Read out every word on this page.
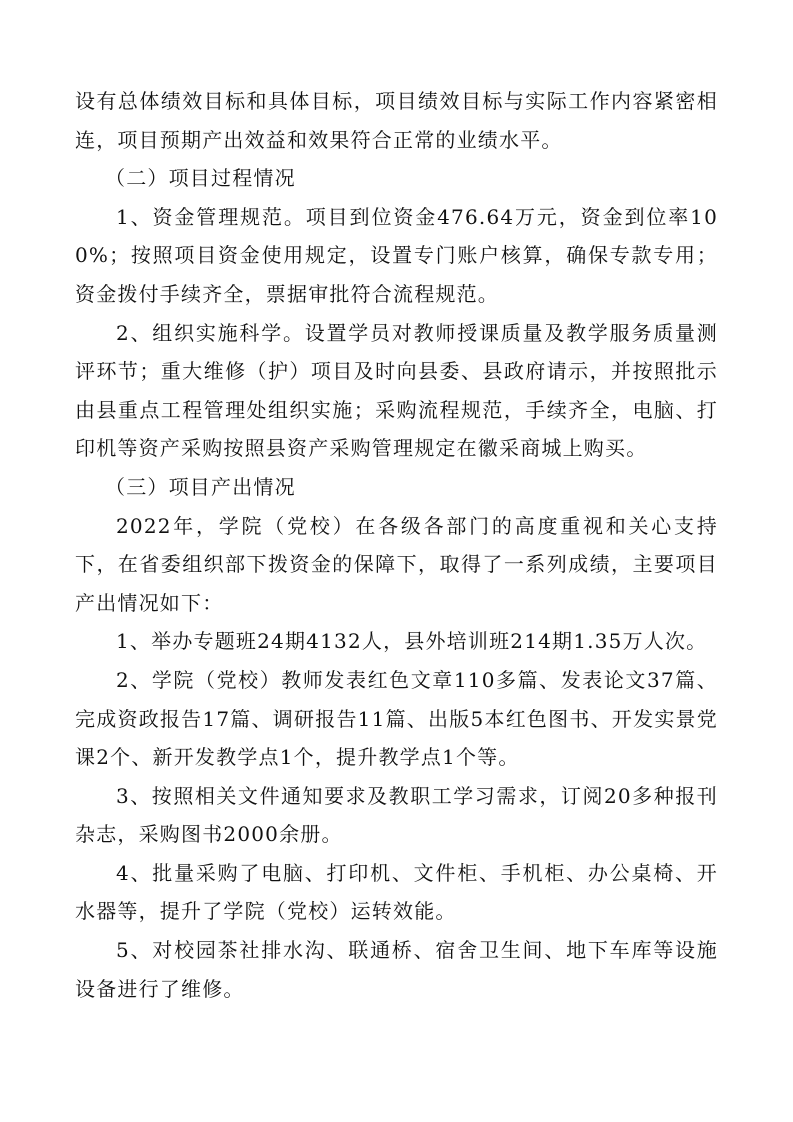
设有总体绩效目标和具体目标，项目绩效目标与实际工作内容紧密相连，项目预期产出效益和效果符合正常的业绩水平。

（二）项目过程情况

1、资金管理规范。项目到位资金476.64万元，资金到位率100%；按照项目资金使用规定，设置专门账户核算，确保专款专用；资金拨付手续齐全，票据审批符合流程规范。

2、组织实施科学。设置学员对教师授课质量及教学服务质量测评环节；重大维修（护）项目及时向县委、县政府请示，并按照批示由县重点工程管理处组织实施；采购流程规范，手续齐全，电脑、打印机等资产采购按照县资产采购管理规定在徽采商城上购买。

（三）项目产出情况

2022年，学院（党校）在各级各部门的高度重视和关心支持下，在省委组织部下拨资金的保障下，取得了一系列成绩，主要项目产出情况如下：

1、举办专题班24期4132人，县外培训班214期1.35万人次。

2、学院（党校）教师发表红色文章110多篇、发表论文37篇、完成资政报告17篇、调研报告11篇、出版5本红色图书、开发实景党课2个、新开发教学点1个，提升教学点1个等。

3、按照相关文件通知要求及教职工学习需求，订阅20多种报刊杂志，采购图书2000余册。

4、批量采购了电脑、打印机、文件柜、手机柜、办公桌椅、开水器等，提升了学院（党校）运转效能。

5、对校园茶社排水沟、联通桥、宿舍卫生间、地下车库等设施设备进行了维修。
